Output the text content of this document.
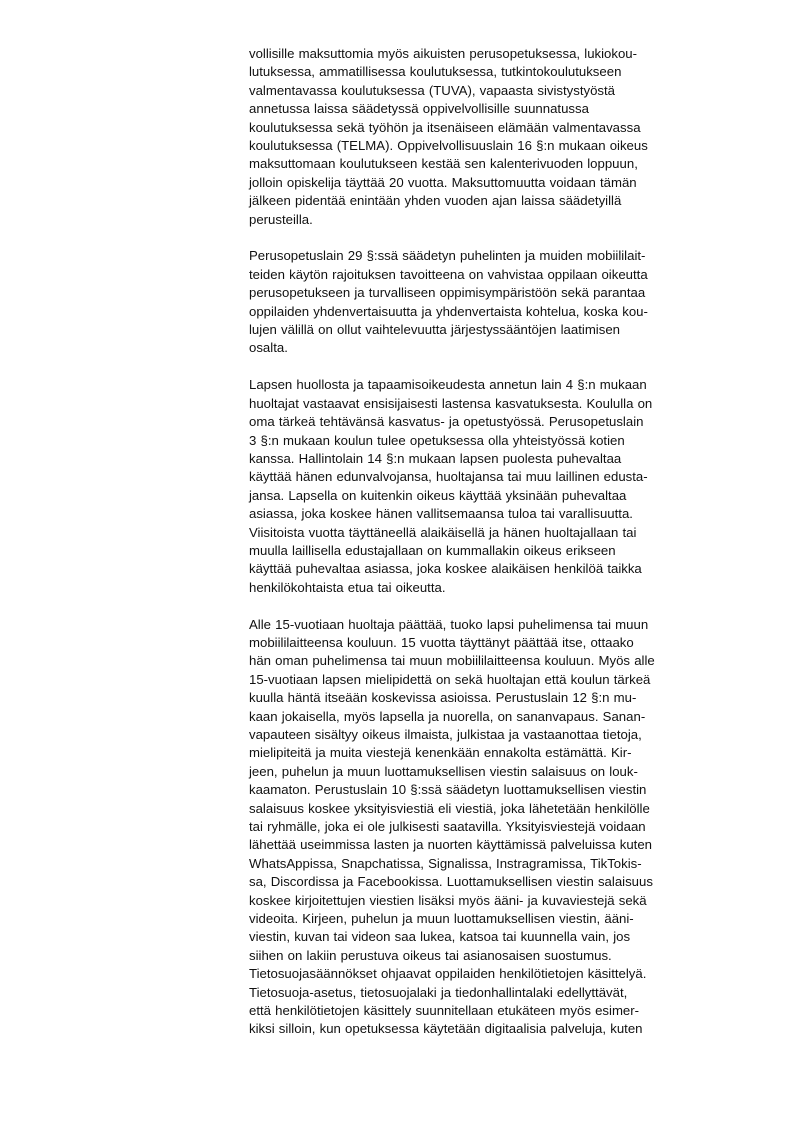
vollisille maksuttomia myös aikuisten perusopetuksessa, lukiokou-
lutuksessa, ammatillisessa koulutuksessa, tutkintokoulutukseen
valmentavassa koulutuksessa (TUVA), vapaasta sivistystyöstä
annetussa laissa säädetyssä oppivelvollisille suunnatussa
koulutuksessa sekä työhön ja itsenäiseen elämään valmentavassa
koulutuksessa (TELMA). Oppivelvollisuuslain 16 §:n mukaan oikeus
maksuttomaan koulutukseen kestää sen kalenterivuoden loppuun,
jolloin opiskelija täyttää 20 vuotta. Maksuttomuutta voidaan tämän
jälkeen pidentää enintään yhden vuoden ajan laissa säädetyillä
perusteilla.
Perusopetuslain 29 §:ssä säädetyn puhelinten ja muiden mobiililait-
teiden käytön rajoituksen tavoitteena on vahvistaa oppilaan oikeutta
perusopetukseen ja turvalliseen oppimisympäristöön sekä parantaa
oppilaiden yhdenvertaisuutta ja yhdenvertaista kohtelua, koska kou-
lujen välillä on ollut vaihtelevuutta järjestyssääntöjen laatimisen
osalta.
Lapsen huollosta ja tapaamisoikeudesta annetun lain 4 §:n mukaan
huoltajat vastaavat ensisijaisesti lastensa kasvatuksesta. Koululla on
oma tärkeä tehtävänsä kasvatus- ja opetustyössä. Perusopetuslain
3 §:n mukaan koulun tulee opetuksessa olla yhteistyössä kotien
kanssa. Hallintolain 14 §:n mukaan lapsen puolesta puhevaltaa
käyttää hänen edunvalvojansa, huoltajansa tai muu laillinen edusta-
jansa. Lapsella on kuitenkin oikeus käyttää yksinään puhevaltaa
asiassa, joka koskee hänen vallitsemaansa tuloa tai varallisuutta.
Viisitoista vuotta täyttäneellä alaikäisellä ja hänen huoltajallaan tai
muulla laillisella edustajallaan on kummallakin oikeus erikseen
käyttää puhevaltaa asiassa, joka koskee alaikäisen henkilöä taikka
henkilökohtaista etua tai oikeutta.
Alle 15-vuotiaan huoltaja päättää, tuoko lapsi puhelimensa tai muun
mobiililaitteensa kouluun. 15 vuotta täyttänyt päättää itse, ottaako
hän oman puhelimensa tai muun mobiililaitteensa kouluun. Myös alle
15-vuotiaan lapsen mielipidettä on sekä huoltajan että koulun tärkeä
kuulla häntä itseään koskevissa asioissa. Perustuslain 12 §:n mu-
kaan jokaisella, myös lapsella ja nuorella, on sananvapaus. Sanan-
vapauteen sisältyy oikeus ilmaista, julkistaa ja vastaanottaa tietoja,
mielipiteitä ja muita viestejä kenenkään ennakolta estämättä. Kir-
jeen, puhelun ja muun luottamuksellisen viestin salaisuus on louk-
kaamaton. Perustuslain 10 §:ssä säädetyn luottamuksellisen viestin
salaisuus koskee yksityisviestiä eli viestiä, joka lähetetään henkilölle
tai ryhmälle, joka ei ole julkisesti saatavilla. Yksityisviestejä voidaan
lähettää useimmissa lasten ja nuorten käyttämissä palveluissa kuten
WhatsAppissa, Snapchatissa, Signalissa, Instragramissa, TikTokis-
sa, Discordissa ja Facebookissa. Luottamuksellisen viestin salaisuus
koskee kirjoitettujen viestien lisäksi myös ääni- ja kuvaviestejä sekä
videoita. Kirjeen, puhelun ja muun luottamuksellisen viestin, ääni-
viestin, kuvan tai videon saa lukea, katsoa tai kuunnella vain, jos
siihen on lakiin perustuva oikeus tai asianosaisen suostumus.
Tietosuojasäännökset ohjaavat oppilaiden henkilötietojen käsittelyä.
Tietosuoja-asetus, tietosuojalaki ja tiedonhallintalaki edellyttävät,
että henkilötietojen käsittely suunnitellaan etukäteen myös esimer-
kiksi silloin, kun opetuksessa käytetään digitaalisia palveluja, kuten
